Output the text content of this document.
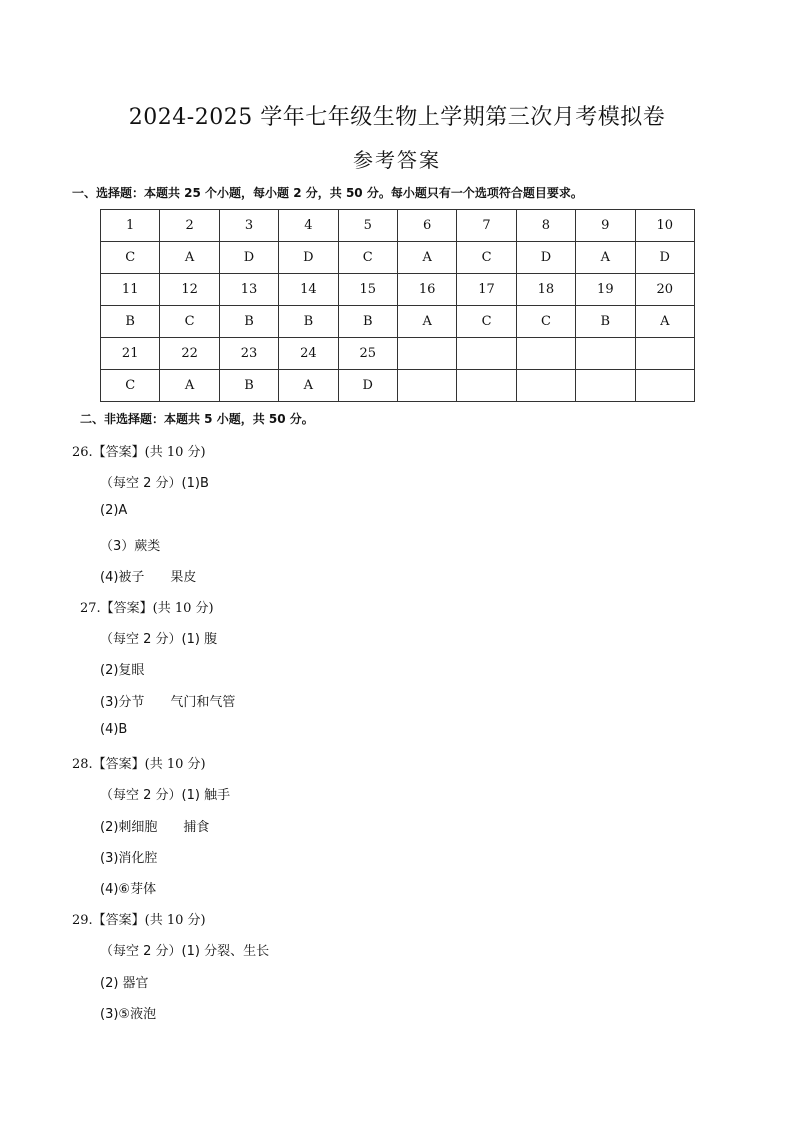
2024-2025 学年七年级生物上学期第三次月考模拟卷
参考答案
一、选择题：本题共 25 个小题，每小题 2 分，共 50 分。每小题只有一个选项符合题目要求。
1	2	3	4	5	6	7	8	9	10
C	A	D	D	C	A	C	D	A	D
11	12	13	14	15	16	17	18	19	20
B	C	B	B	B	A	C	C	B	A
21	22	23	24	25					
C	A	B	A	D					
二、非选择题：本题共 5 小题，共 50 分。
26.【答案】(共 10 分)
（每空 2 分）(1)B
(2)A
（3）蕨类
(4)被子 果皮
27.【答案】(共 10 分)
（每空 2 分）(1) 腹
(2)复眼
(3)分节 气门和气管
(4)B
28.【答案】(共 10 分)
（每空 2 分）(1) 触手
(2)刺细胞 捕食
(3)消化腔
(4)⑥芽体
29.【答案】(共 10 分)
（每空 2 分）(1) 分裂、生长
(2) 器官
(3)⑤液泡
